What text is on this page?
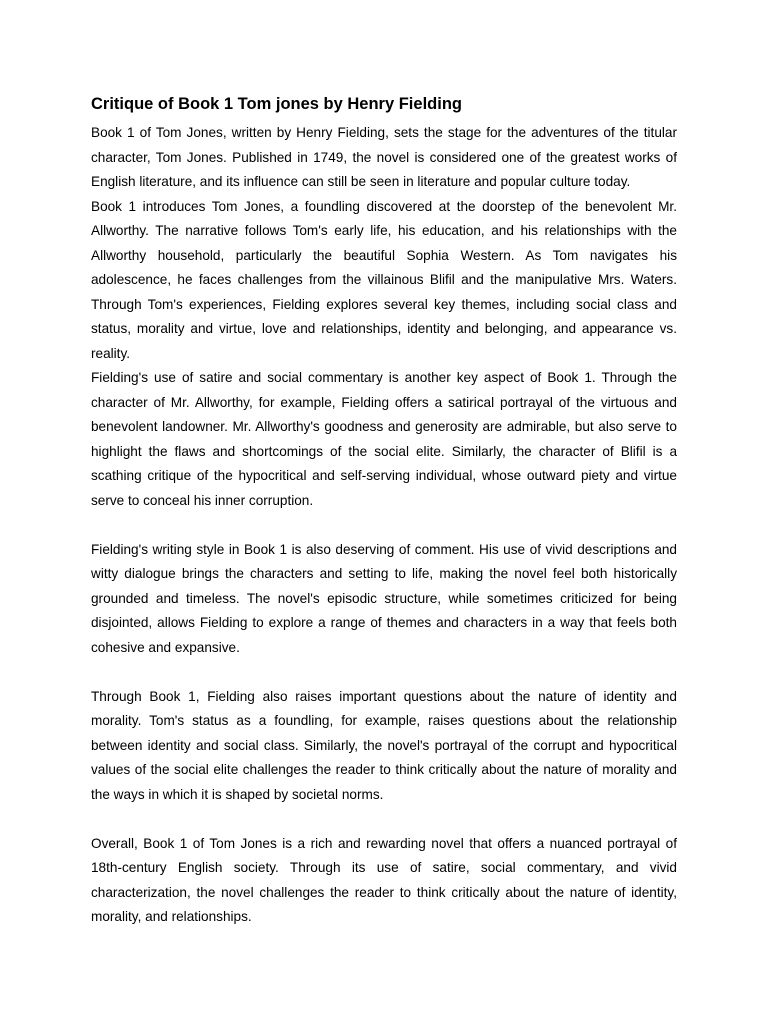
Critique of Book 1 Tom jones by Henry Fielding

Book 1 of Tom Jones, written by Henry Fielding, sets the stage for the adventures of the titular character, Tom Jones. Published in 1749, the novel is considered one of the greatest works of English literature, and its influence can still be seen in literature and popular culture today.

Book 1 introduces Tom Jones, a foundling discovered at the doorstep of the benevolent Mr. Allworthy. The narrative follows Tom's early life, his education, and his relationships with the Allworthy household, particularly the beautiful Sophia Western. As Tom navigates his adolescence, he faces challenges from the villainous Blifil and the manipulative Mrs. Waters. Through Tom's experiences, Fielding explores several key themes, including social class and status, morality and virtue, love and relationships, identity and belonging, and appearance vs. reality.

Fielding's use of satire and social commentary is another key aspect of Book 1. Through the character of Mr. Allworthy, for example, Fielding offers a satirical portrayal of the virtuous and benevolent landowner. Mr. Allworthy's goodness and generosity are admirable, but also serve to highlight the flaws and shortcomings of the social elite. Similarly, the character of Blifil is a scathing critique of the hypocritical and self-serving individual, whose outward piety and virtue serve to conceal his inner corruption.

Fielding's writing style in Book 1 is also deserving of comment. His use of vivid descriptions and witty dialogue brings the characters and setting to life, making the novel feel both historically grounded and timeless. The novel's episodic structure, while sometimes criticized for being disjointed, allows Fielding to explore a range of themes and characters in a way that feels both cohesive and expansive.

Through Book 1, Fielding also raises important questions about the nature of identity and morality. Tom's status as a foundling, for example, raises questions about the relationship between identity and social class. Similarly, the novel's portrayal of the corrupt and hypocritical values of the social elite challenges the reader to think critically about the nature of morality and the ways in which it is shaped by societal norms.

Overall, Book 1 of Tom Jones is a rich and rewarding novel that offers a nuanced portrayal of 18th-century English society. Through its use of satire, social commentary, and vivid characterization, the novel challenges the reader to think critically about the nature of identity, morality, and relationships.
